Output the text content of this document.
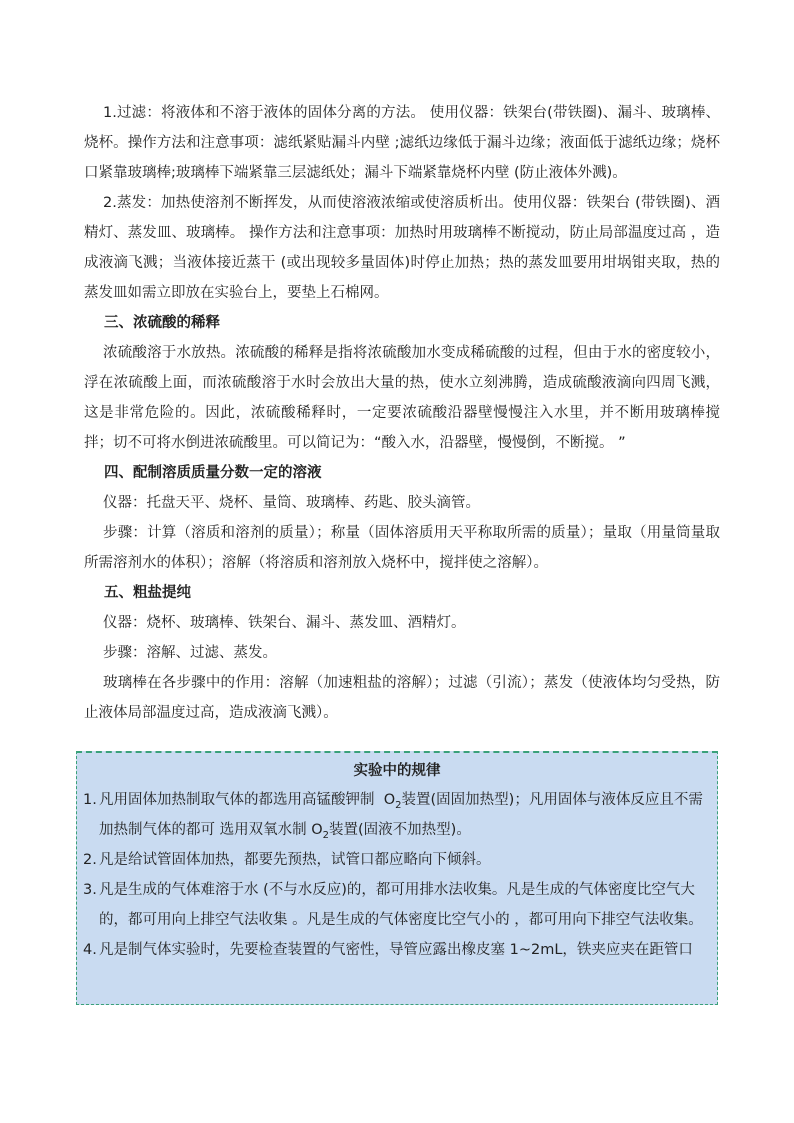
1.过滤：将液体和不溶于液体的固体分离的方法。 使用仪器：铁架台(带铁圈)、漏斗、玻璃棒、烧杯。操作方法和注意事项：滤纸紧贴漏斗内壁 ;滤纸边缘低于漏斗边缘；液面低于滤纸边缘；烧杯口紧靠玻璃棒;玻璃棒下端紧靠三层滤纸处；漏斗下端紧靠烧杯内壁 (防止液体外溅)。

2.蒸发：加热使溶剂不断挥发，从而使溶液浓缩或使溶质析出。使用仪器：铁架台 (带铁圈)、酒精灯、蒸发皿、玻璃棒。 操作方法和注意事项：加热时用玻璃棒不断搅动，防止局部温度过高 ，造成液滴飞溅；当液体接近蒸干 (或出现较多量固体)时停止加热；热的蒸发皿要用坩埚钳夹取，热的蒸发皿如需立即放在实验台上，要垫上石棉网。

三、浓硫酸的稀释

浓硫酸溶于水放热。浓硫酸的稀释是指将浓硫酸加水变成稀硫酸的过程，但由于水的密度较小，浮在浓硫酸上面，而浓硫酸溶于水时会放出大量的热，使水立刻沸腾，造成硫酸液滴向四周飞溅，这是非常危险的。因此，浓硫酸稀释时，一定要浓硫酸沿器壁慢慢注入水里，并不断用玻璃棒搅拌；切不可将水倒进浓硫酸里。可以简记为：“酸入水，沿器壁，慢慢倒，不断搅。 ”

四、配制溶质质量分数一定的溶液

仪器：托盘天平、烧杯、量筒、玻璃棒、药匙、胶头滴管。

步骤：计算（溶质和溶剂的质量）；称量（固体溶质用天平称取所需的质量）；量取（用量筒量取所需溶剂水的体积）；溶解（将溶质和溶剂放入烧杯中，搅拌使之溶解）。

五、粗盐提纯

仪器：烧杯、玻璃棒、铁架台、漏斗、蒸发皿、酒精灯。

步骤：溶解、过滤、蒸发。

玻璃棒在各步骤中的作用：溶解（加速粗盐的溶解）；过滤（引流）；蒸发（使液体均匀受热，防止液体局部温度过高，造成液滴飞溅）。

实验中的规律

1. 凡用固体加热制取气体的都选用高锰酸钾制  $O_2$装置(固固加热型)；凡用固体与液体反应且不需加热制气体的都可 选用双氧水制 $O_2$装置(固液不加热型)。

2. 凡是给试管固体加热，都要先预热，试管口都应略向下倾斜。

3. 凡是生成的气体难溶于水 (不与水反应)的，都可用排水法收集。凡是生成的气体密度比空气大的，都可用向上排空气法收集 。凡是生成的气体密度比空气小的 ，都可用向下排空气法收集。

4. 凡是制气体实验时，先要检查装置的气密性，导管应露出橡皮塞 1~2mL，铁夹应夹在距管口
